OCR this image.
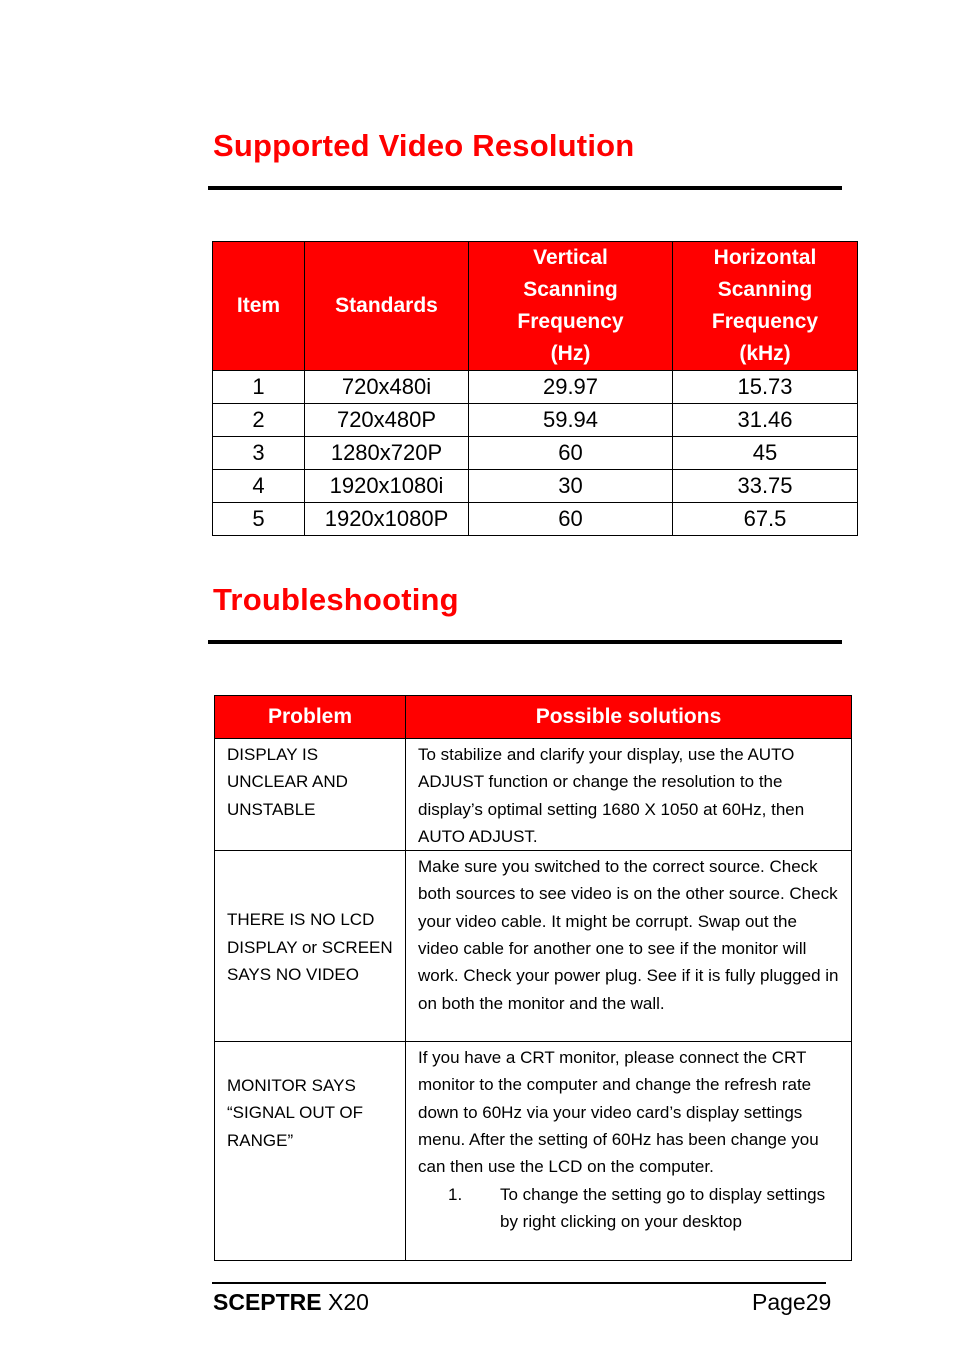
Supported Video Resolution
Item	Standards	Vertical Scanning Frequency (Hz)	Horizontal Scanning Frequency (kHz)
1	720x480i	29.97	15.73
2	720x480P	59.94	31.46
3	1280x720P	60	45
4	1920x1080i	30	33.75
5	1920x1080P	60	67.5
Troubleshooting
Problem	Possible solutions
DISPLAY IS UNCLEAR AND UNSTABLE	To stabilize and clarify your display, use the AUTO ADJUST function or change the resolution to the display’s optimal setting 1680 X 1050 at 60Hz, then AUTO ADJUST.
THERE IS NO LCD DISPLAY or SCREEN SAYS NO VIDEO	Make sure you switched to the correct source. Check both sources to see video is on the other source. Check your video cable. It might be corrupt. Swap out the video cable for another one to see if the monitor will work. Check your power plug. See if it is fully plugged in on both the monitor and the wall.
MONITOR SAYS “SIGNAL OUT OF RANGE”	If you have a CRT monitor, please connect the CRT monitor to the computer and change the refresh rate down to 60Hz via your video card’s display settings menu. After the setting of 60Hz has been change you can then use the LCD on the computer.
1. To change the setting go to display settings by right clicking on your desktop
SCEPTRE X20	Page29
